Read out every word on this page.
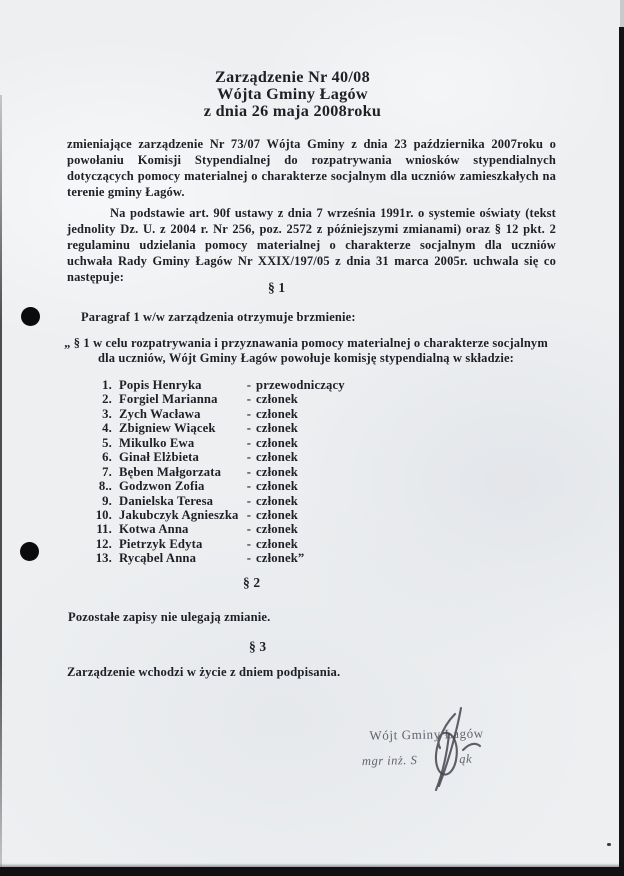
Zarządzenie Nr 40/08
Wójta Gminy Łagów
z dnia 26 maja 2008roku

zmieniające zarządzenie Nr 73/07 Wójta Gminy z dnia 23 października 2007roku o powołaniu Komisji Stypendialnej do rozpatrywania wniosków stypendialnych dotyczących pomocy materialnej o charakterze socjalnym dla uczniów zamieszkałych na terenie gminy Łagów.

Na podstawie art. 90f ustawy z dnia 7 września 1991r. o systemie oświaty (tekst jednolity Dz. U. z 2004 r. Nr 256, poz. 2572 z późniejszymi zmianami) oraz § 12 pkt. 2 regulaminu udzielania pomocy materialnej o charakterze socjalnym dla uczniów uchwała Rady Gminy Łagów Nr XXIX/197/05 z dnia 31 marca 2005r. uchwala się co następuje:

§ 1

Paragraf 1 w/w zarządzenia otrzymuje brzmienie:

„ § 1 w celu rozpatrywania i przyznawania pomocy materialnej o charakterze socjalnym dla uczniów, Wójt Gminy Łagów powołuje komisję stypendialną w składzie:

1. Popis Henryka	- przewodniczący
2. Forgiel Marianna	- członek
3. Zych Wacława	- członek
4. Zbigniew Wiącek	- członek
5. Mikulko Ewa	- członek
6. Ginał Elżbieta	- członek
7. Bęben Małgorzata	- członek
8.. Godzwon Zofia	- członek
9. Danielska Teresa	- członek
10. Jakubczyk Agnieszka - członek
11. Kotwa Anna	- członek
12. Pietrzyk Edyta	- członek
13. Rycąbel Anna	- członek”
§ 2

Pozostałe zapisy nie ulegają zmianie.

§ 3

Zarządzenie wchodzi w życie z dniem podpisania.

Wójt Gminy Łagów
mgr inż. S	ąk
